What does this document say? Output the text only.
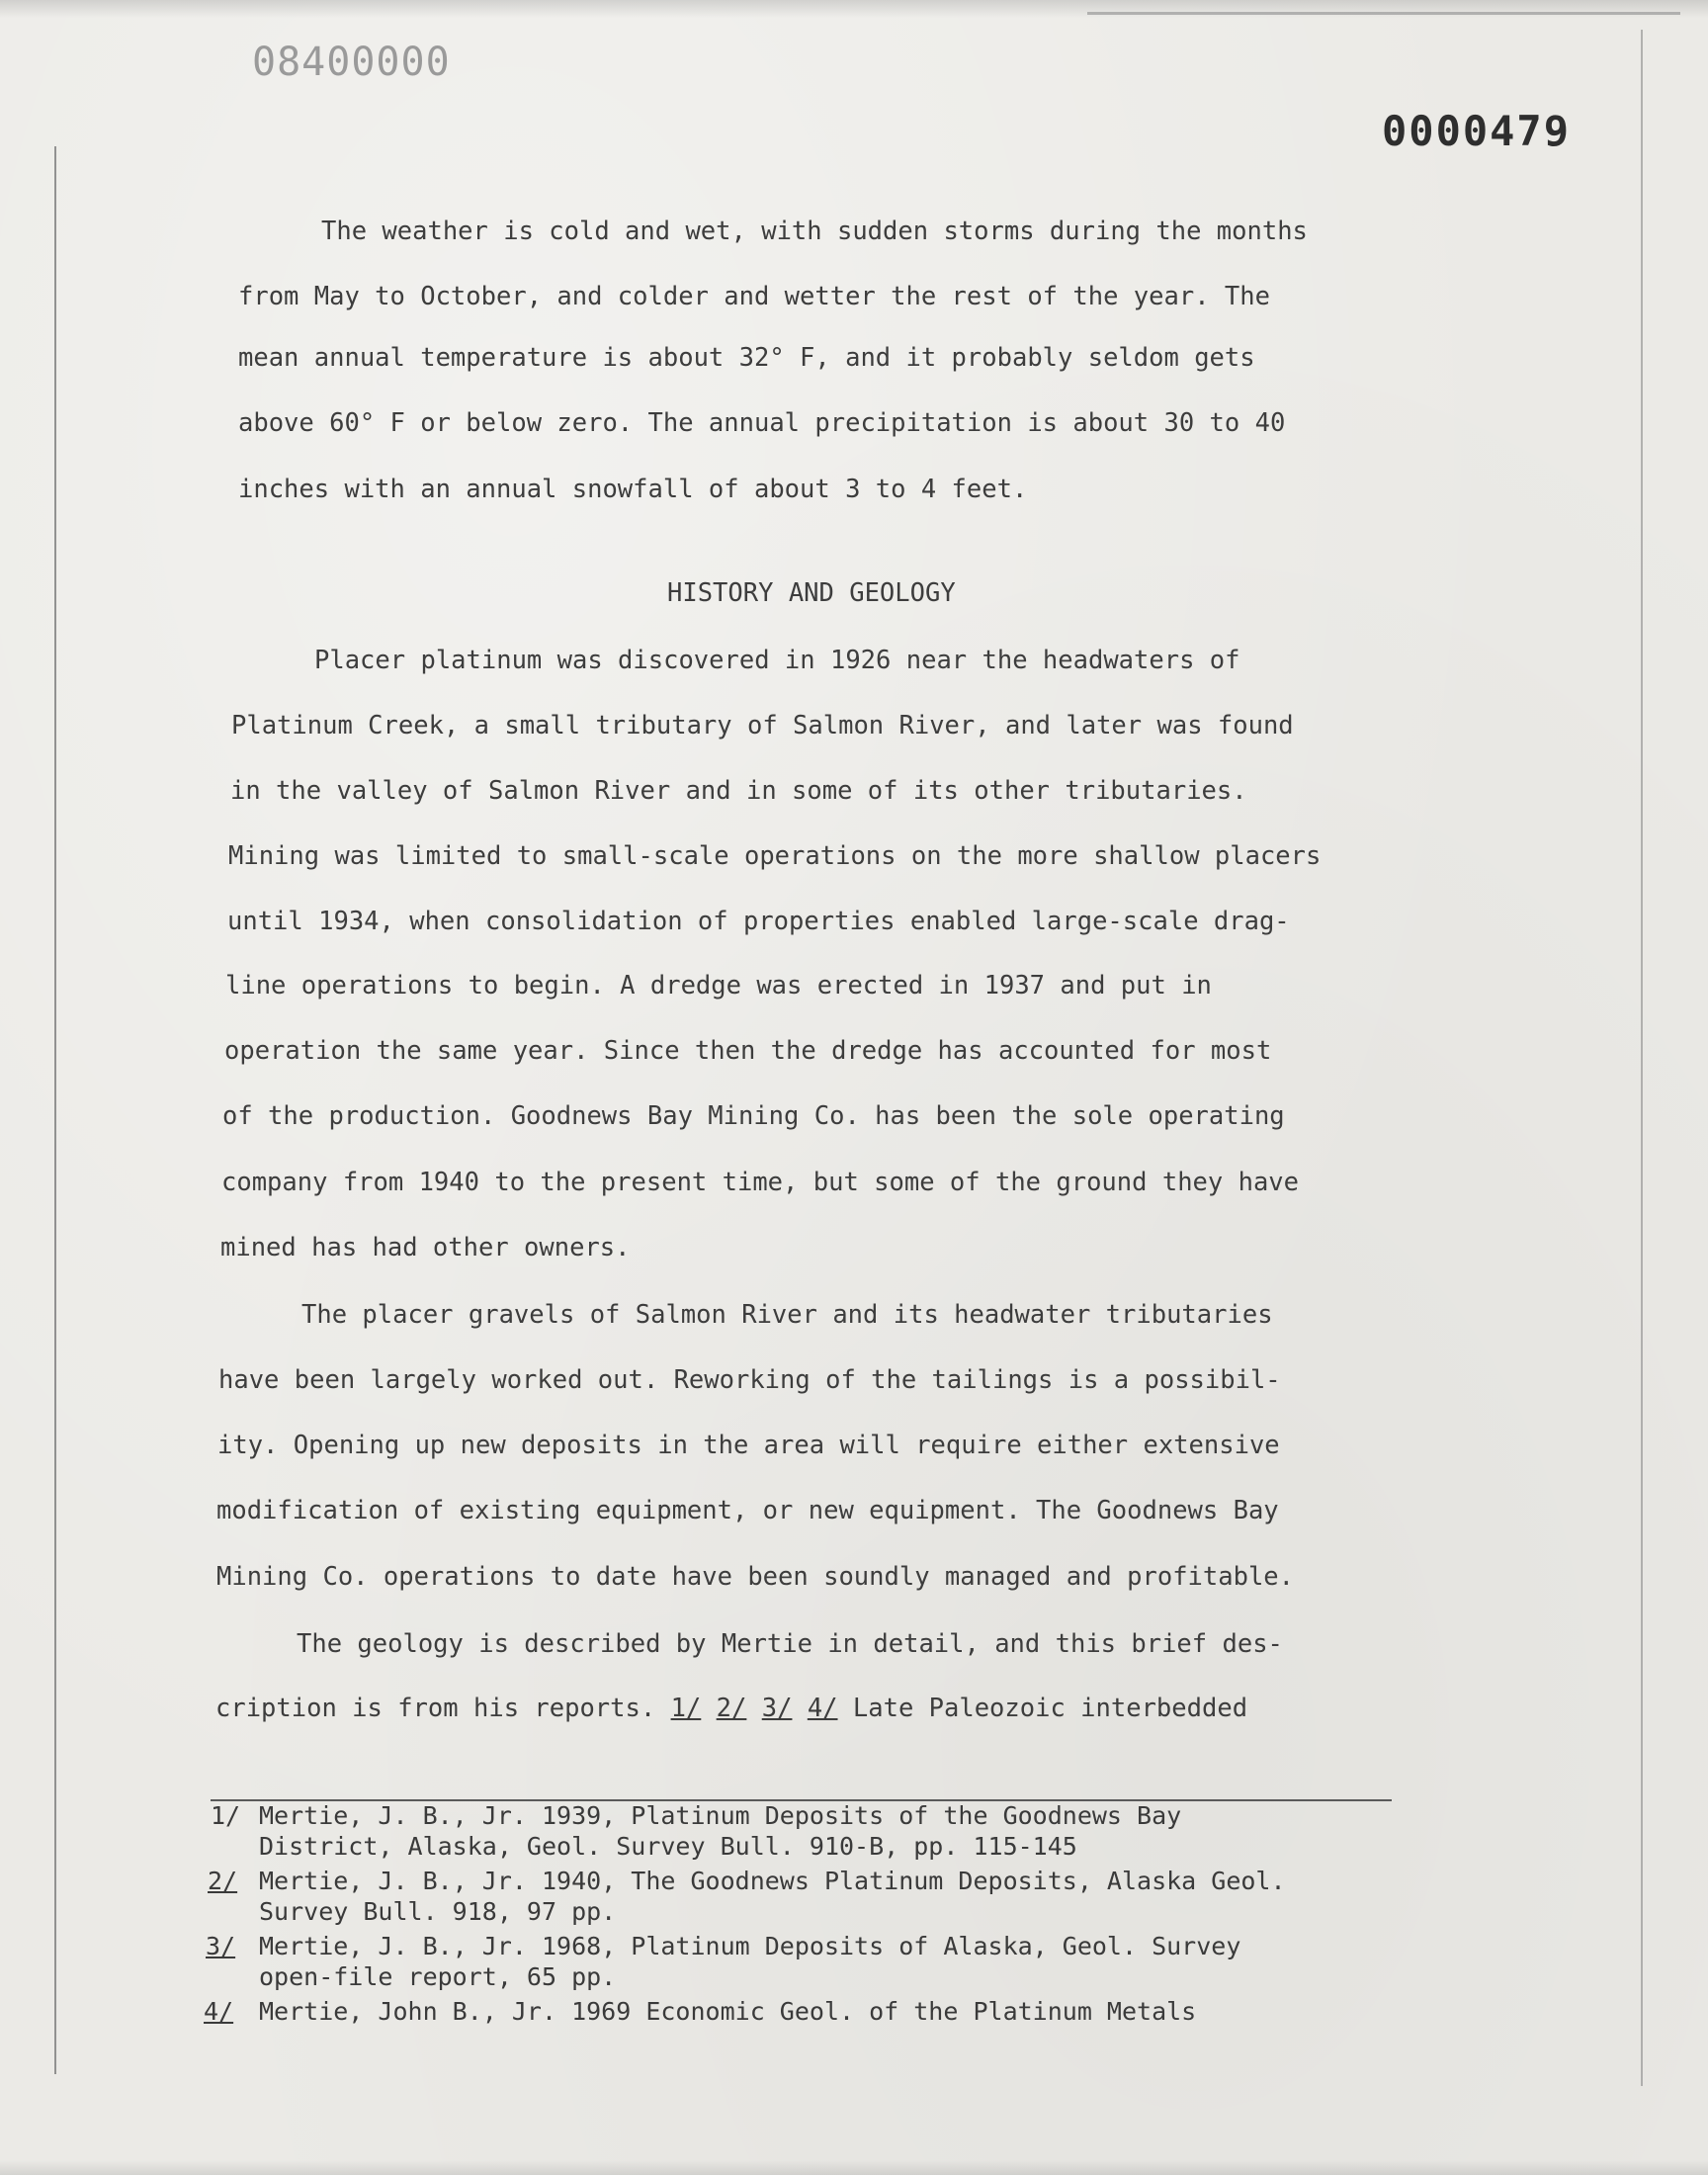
08400000
0000479
The weather is cold and wet, with sudden storms during the months
from May to October, and colder and wetter the rest of the year. The
mean annual temperature is about 32° F, and it probably seldom gets
above 60° F or below zero. The annual precipitation is about 30 to 40
inches with an annual snowfall of about 3 to 4 feet.
HISTORY AND GEOLOGY
Placer platinum was discovered in 1926 near the headwaters of
Platinum Creek, a small tributary of Salmon River, and later was found
in the valley of Salmon River and in some of its other tributaries.
Mining was limited to small-scale operations on the more shallow placers
until 1934, when consolidation of properties enabled large-scale drag-
line operations to begin. A dredge was erected in 1937 and put in
operation the same year. Since then the dredge has accounted for most
of the production. Goodnews Bay Mining Co. has been the sole operating
company from 1940 to the present time, but some of the ground they have
mined has had other owners.
The placer gravels of Salmon River and its headwater tributaries
have been largely worked out. Reworking of the tailings is a possibil-
ity. Opening up new deposits in the area will require either extensive
modification of existing equipment, or new equipment. The Goodnews Bay
Mining Co. operations to date have been soundly managed and profitable.
The geology is described by Mertie in detail, and this brief des-
cription is from his reports. 1/ 2/ 3/ 4/ Late Paleozoic interbedded
1/ Mertie, J. B., Jr. 1939, Platinum Deposits of the Goodnews Bay
District, Alaska, Geol. Survey Bull. 910-B, pp. 115-145
2/ Mertie, J. B., Jr. 1940, The Goodnews Platinum Deposits, Alaska Geol.
Survey Bull. 918, 97 pp.
3/ Mertie, J. B., Jr. 1968, Platinum Deposits of Alaska, Geol. Survey
open-file report, 65 pp.
4/ Mertie, John B., Jr. 1969 Economic Geol. of the Platinum Metals
